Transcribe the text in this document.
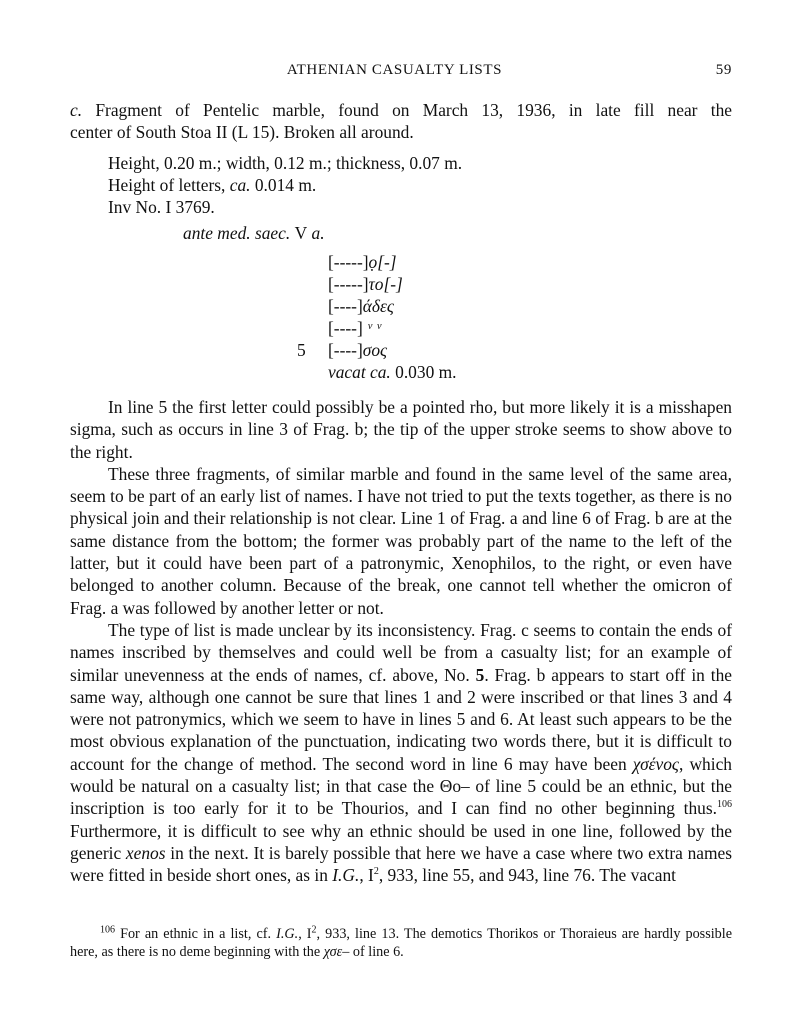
ATHENIAN CASUALTY LISTS	59
c. Fragment of Pentelic marble, found on March 13, 1936, in late fill near the
center of South Stoa II (L 15). Broken all around.
Height, 0.20 m.; width, 0.12 m.; thickness, 0.07 m.
Height of letters, ca. 0.014 m.
Inv No. I 3769.
ante med. saec. V a.
[-----]ọ[-]
[-----]το[-]
[----]άδες
[----] ᵛ ᵛ
5	[----]σος
vacat ca. 0.030 m.

In line 5 the first letter could possibly be a pointed rho, but more likely it is a misshapen sigma, such as occurs in line 3 of Frag. b; the tip of the upper stroke seems to show above to the right.

These three fragments, of similar marble and found in the same level of the same area, seem to be part of an early list of names. I have not tried to put the texts together, as there is no physical join and their relationship is not clear. Line 1 of Frag. a and line 6 of Frag. b are at the same distance from the bottom; the former was probably part of the name to the left of the latter, but it could have been part of a patronymic, Xenophilos, to the right, or even have belonged to another column. Because of the break, one cannot tell whether the omicron of Frag. a was followed by another letter or not.

The type of list is made unclear by its inconsistency. Frag. c seems to contain the ends of names inscribed by themselves and could well be from a casualty list; for an example of similar unevenness at the ends of names, cf. above, No. 5. Frag. b appears to start off in the same way, although one cannot be sure that lines 1 and 2 were inscribed or that lines 3 and 4 were not patronymics, which we seem to have in lines 5 and 6. At least such appears to be the most obvious explanation of the punctuation, indicating two words there, but it is difficult to account for the change of method. The second word in line 6 may have been χσένος, which would be natural on a casualty list; in that case the Θο– of line 5 could be an ethnic, but the inscription is too early for it to be Thourios, and I can find no other beginning thus.$^{106}$ Furthermore, it is difficult to see why an ethnic should be used in one line, followed by the generic xenos in the next. It is barely possible that here we have a case where two extra names were fitted in beside short ones, as in I.G., $I^2$, 933, line 55, and 943, line 76. The vacant

$^{106}$ For an ethnic in a list, cf. I.G., $I^2$, 933, line 13. The demotics Thorikos or Thoraieus are hardly possible here, as there is no deme beginning with the χσε– of line 6.
